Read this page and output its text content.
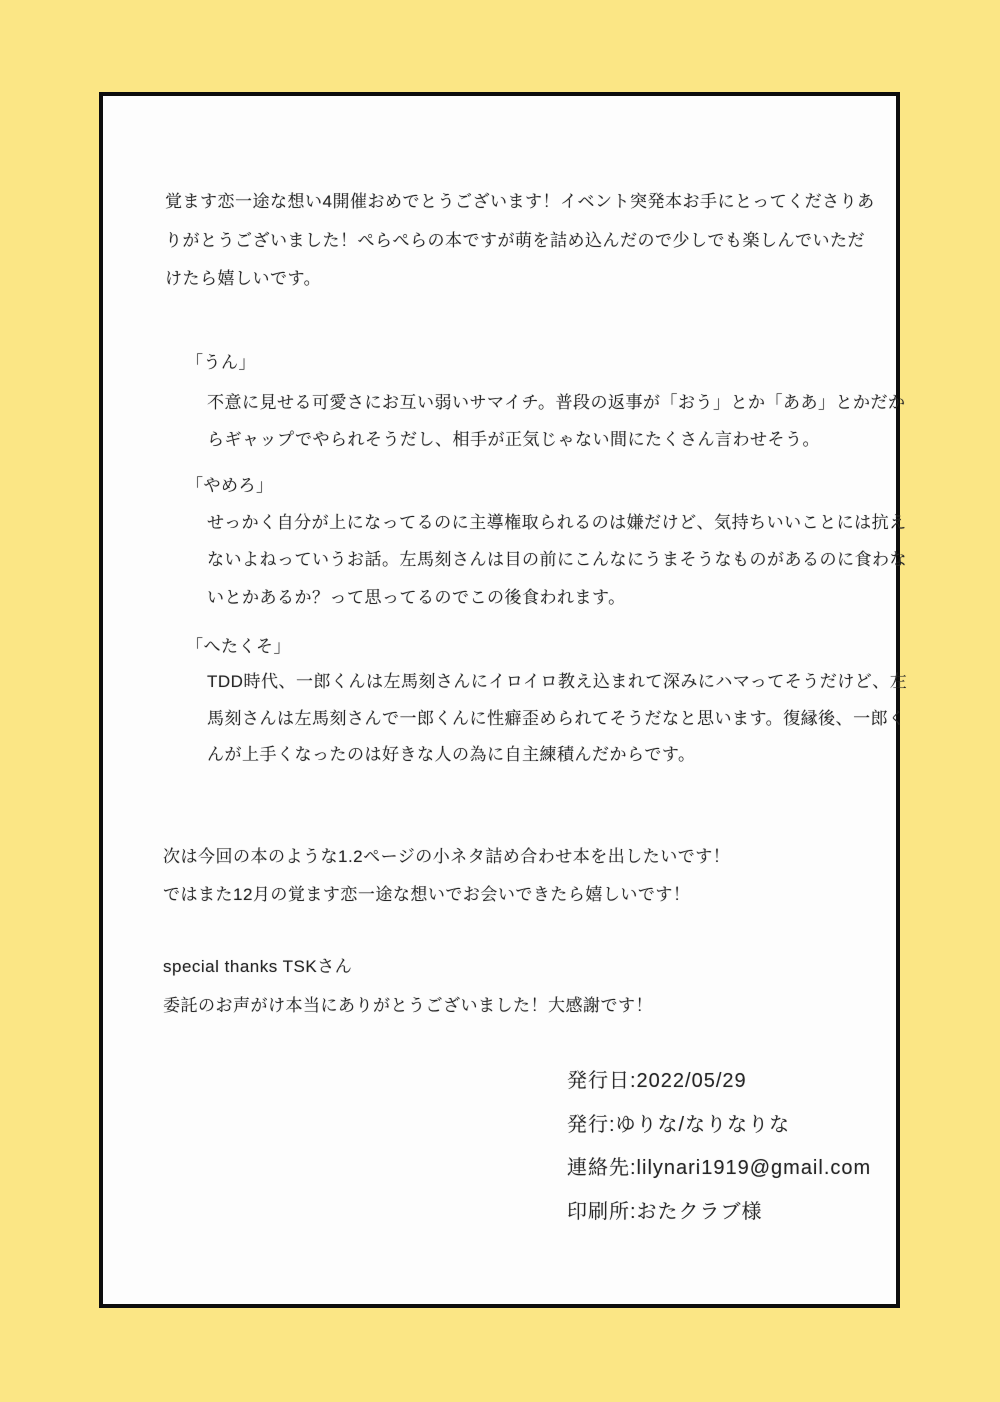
覚ます恋一途な想い4開催おめでとうございます！イベント突発本お手にとってくださりあ
りがとうございました！ぺらぺらの本ですが萌を詰め込んだので少しでも楽しんでいただ
けたら嬉しいです。
「うん」
不意に見せる可愛さにお互い弱いサマイチ。普段の返事が「おう」とか「ああ」とかだか
らギャップでやられそうだし、相手が正気じゃない間にたくさん言わせそう。
「やめろ」
せっかく自分が上になってるのに主導権取られるのは嫌だけど、気持ちいいことには抗え
ないよねっていうお話。左馬刻さんは目の前にこんなにうまそうなものがあるのに食わな
いとかあるか？って思ってるのでこの後食われます。
「へたくそ」
TDD時代、一郎くんは左馬刻さんにイロイロ教え込まれて深みにハマってそうだけど、左
馬刻さんは左馬刻さんで一郎くんに性癖歪められてそうだなと思います。復縁後、一郎く
んが上手くなったのは好きな人の為に自主練積んだからです。
次は今回の本のような1.2ページの小ネタ詰め合わせ本を出したいです！
ではまた12月の覚ます恋一途な想いでお会いできたら嬉しいです！
special thanks TSKさん
委託のお声がけ本当にありがとうございました！大感謝です！
発行日:2022/05/29
発行:ゆりな/なりなりな
連絡先:lilynari1919@gmail.com
印刷所:おたクラブ様
